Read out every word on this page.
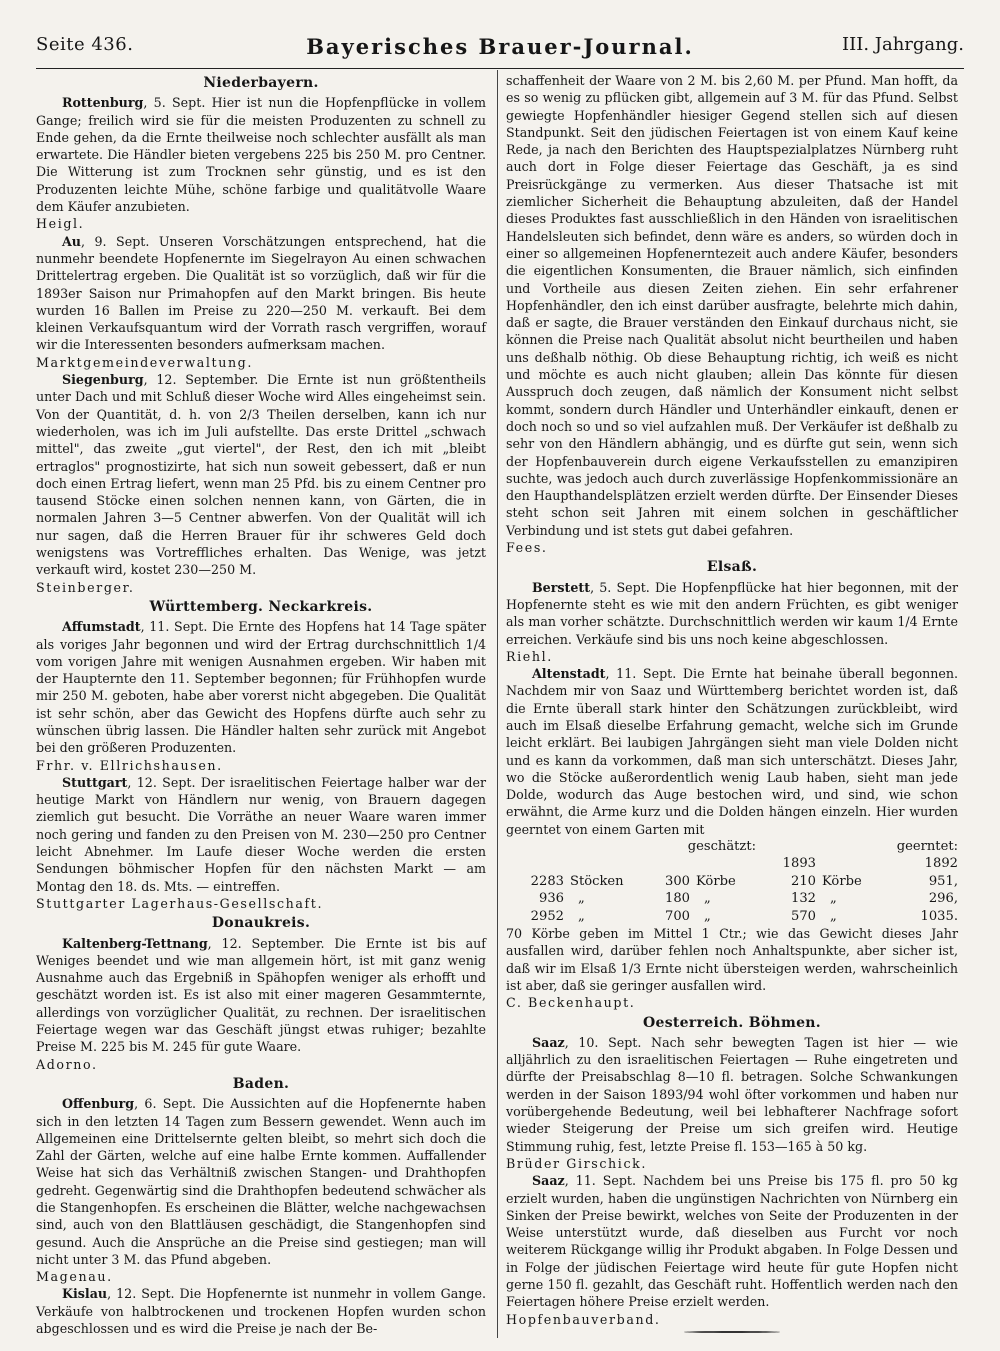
Seite 436.	Bayerisches Brauer-Journal.	III. Jahrgang.
Niederbayern.

Rottenburg, 5. Sept. Hier ist nun die Hopfenpflücke in vollem Gange; freilich wird sie für die meisten Produzenten zu schnell zu Ende gehen, da die Ernte theilweise noch schlechter ausfällt als man erwartete. Die Händler bieten vergebens 225 bis 250 M. pro Centner. Die Witterung ist zum Trocknen sehr günstig, und es ist den Produzenten leichte Mühe, schöne farbige und qualitätvolle Waare dem Käufer anzubieten.

Heigl.

Au, 9. Sept. Unseren Vorschätzungen entsprechend, hat die nunmehr beendete Hopfenernte im Siegelrayon Au einen schwachen Drittelertrag ergeben. Die Qualität ist so vorzüglich, daß wir für die 1893er Saison nur Primahopfen auf den Markt bringen. Bis heute wurden 16 Ballen im Preise zu 220—250 M. verkauft. Bei dem kleinen Verkaufsquantum wird der Vorrath rasch vergriffen, worauf wir die Interessenten besonders aufmerksam machen.

Marktgemeindeverwaltung.

Siegenburg, 12. September. Die Ernte ist nun größtentheils unter Dach und mit Schluß dieser Woche wird Alles eingeheimst sein. Von der Quantität, d. h. von 2/3 Theilen derselben, kann ich nur wiederholen, was ich im Juli aufstellte. Das erste Drittel „schwach mittel", das zweite „gut viertel", der Rest, den ich mit „bleibt ertraglos" prognostizirte, hat sich nun soweit gebessert, daß er nun doch einen Ertrag liefert, wenn man 25 Pfd. bis zu einem Centner pro tausend Stöcke einen solchen nennen kann, von Gärten, die in normalen Jahren 3—5 Centner abwerfen. Von der Qualität will ich nur sagen, daß die Herren Brauer für ihr schweres Geld doch wenigstens was Vortreffliches erhalten. Das Wenige, was jetzt verkauft wird, kostet 230—250 M.

Steinberger.

Württemberg. Neckarkreis.

Affumstadt, 11. Sept. Die Ernte des Hopfens hat 14 Tage später als voriges Jahr begonnen und wird der Ertrag durchschnittlich 1/4 vom vorigen Jahre mit wenigen Ausnahmen ergeben. Wir haben mit der Haupternte den 11. September begonnen; für Frühhopfen wurde mir 250 M. geboten, habe aber vorerst nicht abgegeben. Die Qualität ist sehr schön, aber das Gewicht des Hopfens dürfte auch sehr zu wünschen übrig lassen. Die Händler halten sehr zurück mit Angebot bei den größeren Produzenten.

Frhr. v. Ellrichshausen.

Stuttgart, 12. Sept. Der israelitischen Feiertage halber war der heutige Markt von Händlern nur wenig, von Brauern dagegen ziemlich gut besucht. Die Vorräthe an neuer Waare waren immer noch gering und fanden zu den Preisen von M. 230—250 pro Centner leicht Abnehmer. Im Laufe dieser Woche werden die ersten Sendungen böhmischer Hopfen für den nächsten Markt — am Montag den 18. ds. Mts. — eintreffen.

Stuttgarter Lagerhaus-Gesellschaft.

Donaukreis.

Kaltenberg-Tettnang, 12. September. Die Ernte ist bis auf Weniges beendet und wie man allgemein hört, ist mit ganz wenig Ausnahme auch das Ergebniß in Spähopfen weniger als erhofft und geschätzt worden ist. Es ist also mit einer mageren Gesammternte, allerdings von vorzüglicher Qualität, zu rechnen. Der israelitischen Feiertage wegen war das Geschäft jüngst etwas ruhiger; bezahlte Preise M. 225 bis M. 245 für gute Waare.

Adorno.

Baden.

Offenburg, 6. Sept. Die Aussichten auf die Hopfenernte haben sich in den letzten 14 Tagen zum Bessern gewendet. Wenn auch im Allgemeinen eine Drittelsernte gelten bleibt, so mehrt sich doch die Zahl der Gärten, welche auf eine halbe Ernte kommen. Auffallender Weise hat sich das Verhältniß zwischen Stangen- und Drahthopfen gedreht. Gegenwärtig sind die Drahthopfen bedeutend schwächer als die Stangenhopfen. Es erscheinen die Blätter, welche nachgewachsen sind, auch von den Blattläusen geschädigt, die Stangenhopfen sind gesund. Auch die Ansprüche an die Preise sind gestiegen; man will nicht unter 3 M. das Pfund abgeben.

Magenau.

Kislau, 12. Sept. Die Hopfenernte ist nunmehr in vollem Gange. Verkäufe von halbtrockenen und trockenen Hopfen wurden schon abgeschlossen und es wird die Preise je nach der Be-

schaffenheit der Waare von 2 M. bis 2,60 M. per Pfund. Man hofft, da es so wenig zu pflücken gibt, allgemein auf 3 M. für das Pfund. Selbst gewiegte Hopfenhändler hiesiger Gegend stellen sich auf diesen Standpunkt. Seit den jüdischen Feiertagen ist von einem Kauf keine Rede, ja nach den Berichten des Hauptspezialplatzes Nürnberg ruht auch dort in Folge dieser Feiertage das Geschäft, ja es sind Preisrückgänge zu vermerken. Aus dieser Thatsache ist mit ziemlicher Sicherheit die Behauptung abzuleiten, daß der Handel dieses Produktes fast ausschließlich in den Händen von israelitischen Handelsleuten sich befindet, denn wäre es anders, so würden doch in einer so allgemeinen Hopfenerntezeit auch andere Käufer, besonders die eigentlichen Konsumenten, die Brauer nämlich, sich einfinden und Vortheile aus diesen Zeiten ziehen. Ein sehr erfahrener Hopfenhändler, den ich einst darüber ausfragte, belehrte mich dahin, daß er sagte, die Brauer verständen den Einkauf durchaus nicht, sie können die Preise nach Qualität absolut nicht beurtheilen und haben uns deßhalb nöthig. Ob diese Behauptung richtig, ich weiß es nicht und möchte es auch nicht glauben; allein Das könnte für diesen Ausspruch doch zeugen, daß nämlich der Konsument nicht selbst kommt, sondern durch Händler und Unterhändler einkauft, denen er doch noch so und so viel aufzahlen muß. Der Verkäufer ist deßhalb zu sehr von den Händlern abhängig, und es dürfte gut sein, wenn sich der Hopfenbauverein durch eigene Verkaufsstellen zu emanzipiren suchte, was jedoch auch durch zuverlässige Hopfenkommissionäre an den Haupthandelsplätzen erzielt werden dürfte. Der Einsender Dieses steht schon seit Jahren mit einem solchen in geschäftlicher Verbindung und ist stets gut dabei gefahren.

Fees.

Elsaß.

Berstett, 5. Sept. Die Hopfenpflücke hat hier begonnen, mit der Hopfenernte steht es wie mit den andern Früchten, es gibt weniger als man vorher schätzte. Durchschnittlich werden wir kaum 1/4 Ernte erreichen. Verkäufe sind bis uns noch keine abgeschlossen.

Riehl.

Altenstadt, 11. Sept. Die Ernte hat beinahe überall begonnen. Nachdem mir von Saaz und Württemberg berichtet worden ist, daß die Ernte überall stark hinter den Schätzungen zurückbleibt, wird auch im Elsaß dieselbe Erfahrung gemacht, welche sich im Grunde leicht erklärt. Bei laubigen Jahrgängen sieht man viele Dolden nicht und es kann da vorkommen, daß man sich unterschätzt. Dieses Jahr, wo die Stöcke außerordentlich wenig Laub haben, sieht man jede Dolde, wodurch das Auge bestochen wird, und sind, wie schon erwähnt, die Arme kurz und die Dolden hängen einzeln. Hier wurden geerntet von einem Garten mit

geschätzt:				geerntet:		
				1893		1892
2283	Stöcken	300	Körbe	210	Körbe	951,
936	„	180	„	132	„	296,
2952	„	700	„	570	„	1035.

70 Körbe geben im Mittel 1 Ctr.; wie das Gewicht dieses Jahr ausfallen wird, darüber fehlen noch Anhaltspunkte, aber sicher ist, daß wir im Elsaß 1/3 Ernte nicht übersteigen werden, wahrscheinlich ist aber, daß sie geringer ausfallen wird.

C. Beckenhaupt.

Oesterreich. Böhmen.

Saaz, 10. Sept. Nach sehr bewegten Tagen ist hier — wie alljährlich zu den israelitischen Feiertagen — Ruhe eingetreten und dürfte der Preisabschlag 8—10 fl. betragen. Solche Schwankungen werden in der Saison 1893/94 wohl öfter vorkommen und haben nur vorübergehende Bedeutung, weil bei lebhafterer Nachfrage sofort wieder Steigerung der Preise um sich greifen wird. Heutige Stimmung ruhig, fest, letzte Preise fl. 153—165 à 50 kg.

Brüder Girschick.

Saaz, 11. Sept. Nachdem bei uns Preise bis 175 fl. pro 50 kg erzielt wurden, haben die ungünstigen Nachrichten von Nürnberg ein Sinken der Preise bewirkt, welches von Seite der Produzenten in der Weise unterstützt wurde, daß dieselben aus Furcht vor noch weiterem Rückgange willig ihr Produkt abgaben. In Folge Dessen und in Folge der jüdischen Feiertage wird heute für gute Hopfen nicht gerne 150 fl. gezahlt, das Geschäft ruht. Hoffentlich werden nach den Feiertagen höhere Preise erzielt werden.

Hopfenbauverband.
